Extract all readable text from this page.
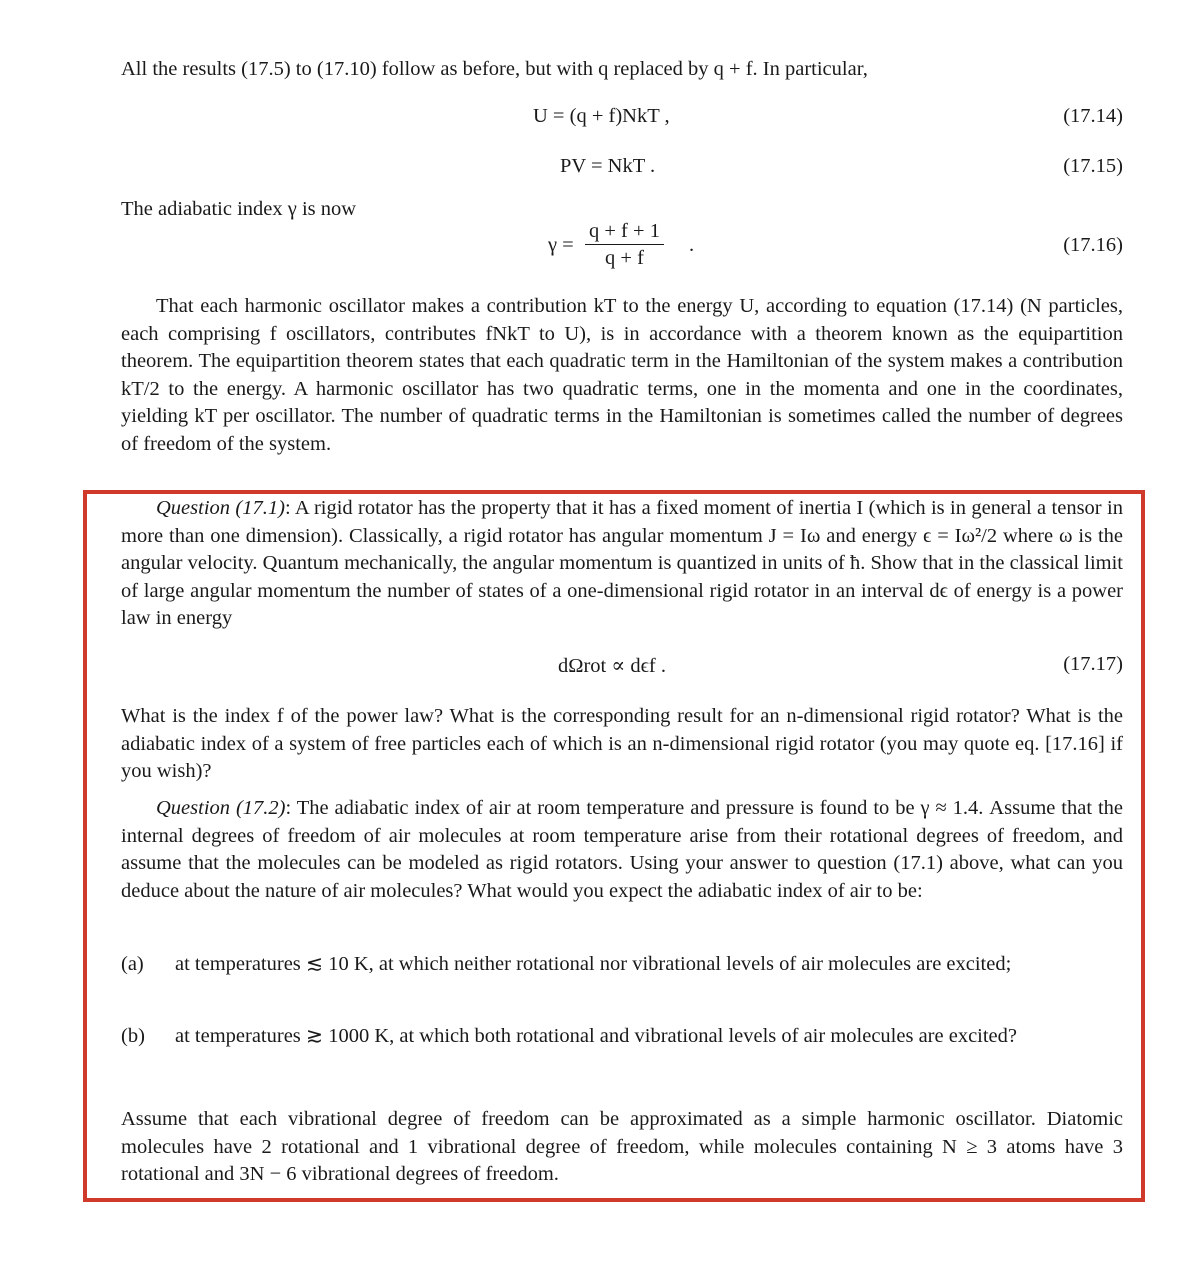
All the results (17.5) to (17.10) follow as before, but with q replaced by q + f. In particular,
U = (q + f)NkT ,	(17.14)
PV = NkT .	(17.15)
The adiabatic index γ is now
$\gamma = \frac{q + f + 1}{q + f}$ .	(17.16)
That each harmonic oscillator makes a contribution kT to the energy U, according to equation (17.14) (N particles, each comprising f oscillators, contributes fNkT to U), is in accordance with a theorem known as the equipartition theorem. The equipartition theorem states that each quadratic term in the Hamiltonian of the system makes a contribution kT/2 to the energy. A harmonic oscillator has two quadratic terms, one in the momenta and one in the coordinates, yielding kT per oscillator. The number of quadratic terms in the Hamiltonian is sometimes called the number of degrees of freedom of the system.
Question (17.1): A rigid rotator has the property that it has a fixed moment of inertia I (which is in general a tensor in more than one dimension). Classically, a rigid rotator has angular momentum J = Iω and energy ϵ = Iω²/2 where ω is the angular velocity. Quantum mechanically, the angular momentum is quantized in units of ħ. Show that in the classical limit of large angular momentum the number of states of a one-dimensional rigid rotator in an interval dϵ of energy is a power law in energy
dΩrot ∝ dϵf .	(17.17)
What is the index f of the power law? What is the corresponding result for an n-dimensional rigid rotator? What is the adiabatic index of a system of free particles each of which is an n-dimensional rigid rotator (you may quote eq. [17.16] if you wish)?
Question (17.2): The adiabatic index of air at room temperature and pressure is found to be γ ≈ 1.4. Assume that the internal degrees of freedom of air molecules at room temperature arise from their rotational degrees of freedom, and assume that the molecules can be modeled as rigid rotators. Using your answer to question (17.1) above, what can you deduce about the nature of air molecules? What would you expect the adiabatic index of air to be:
(a) at temperatures ≲ 10 K, at which neither rotational nor vibrational levels of air molecules are excited;
(b) at temperatures ≳ 1000 K, at which both rotational and vibrational levels of air molecules are excited?
Assume that each vibrational degree of freedom can be approximated as a simple harmonic oscillator. Diatomic molecules have 2 rotational and 1 vibrational degree of freedom, while molecules containing N ≥ 3 atoms have 3 rotational and 3N − 6 vibrational degrees of freedom.
